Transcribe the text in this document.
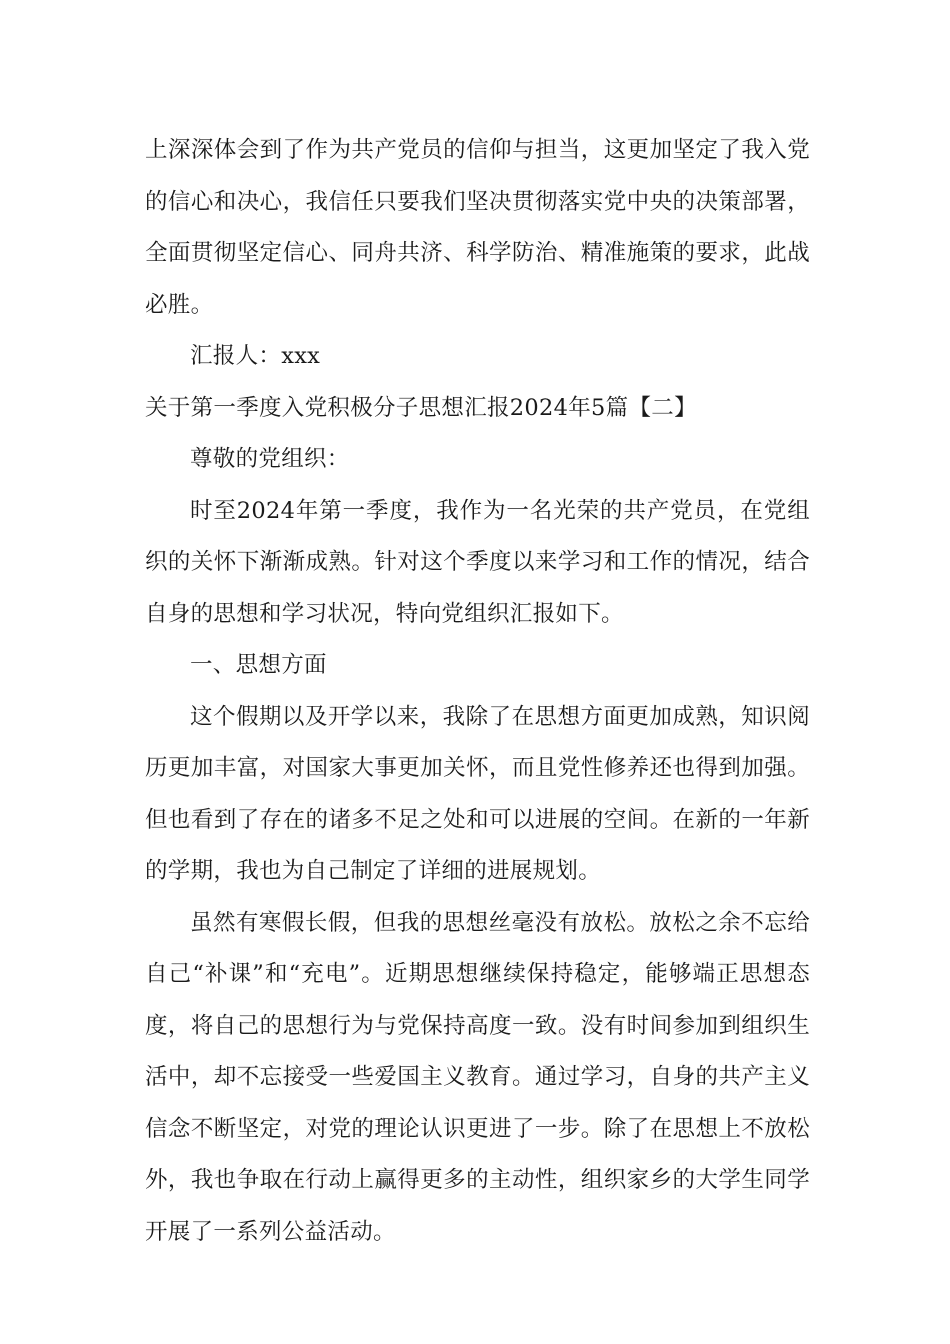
上深深体会到了作为共产党员的信仰与担当，这更加坚定了我入党的信心和决心，我信任只要我们坚决贯彻落实党中央的决策部署，全面贯彻坚定信心、同舟共济、科学防治、精准施策的要求，此战必胜。

汇报人：xxx

关于第一季度入党积极分子思想汇报2024年5篇【二】

尊敬的党组织：

时至2024年第一季度，我作为一名光荣的共产党员，在党组织的关怀下渐渐成熟。针对这个季度以来学习和工作的情况，结合自身的思想和学习状况，特向党组织汇报如下。

一、思想方面

这个假期以及开学以来，我除了在思想方面更加成熟，知识阅历更加丰富，对国家大事更加关怀，而且党性修养还也得到加强。但也看到了存在的诸多不足之处和可以进展的空间。在新的一年新的学期，我也为自己制定了详细的进展规划。

虽然有寒假长假，但我的思想丝毫没有放松。放松之余不忘给自己“补课”和“充电”。近期思想继续保持稳定，能够端正思想态度，将自己的思想行为与党保持高度一致。没有时间参加到组织生活中，却不忘接受一些爱国主义教育。通过学习，自身的共产主义信念不断坚定，对党的理论认识更进了一步。除了在思想上不放松外，我也争取在行动上赢得更多的主动性，组织家乡的大学生同学开展了一系列公益活动。
